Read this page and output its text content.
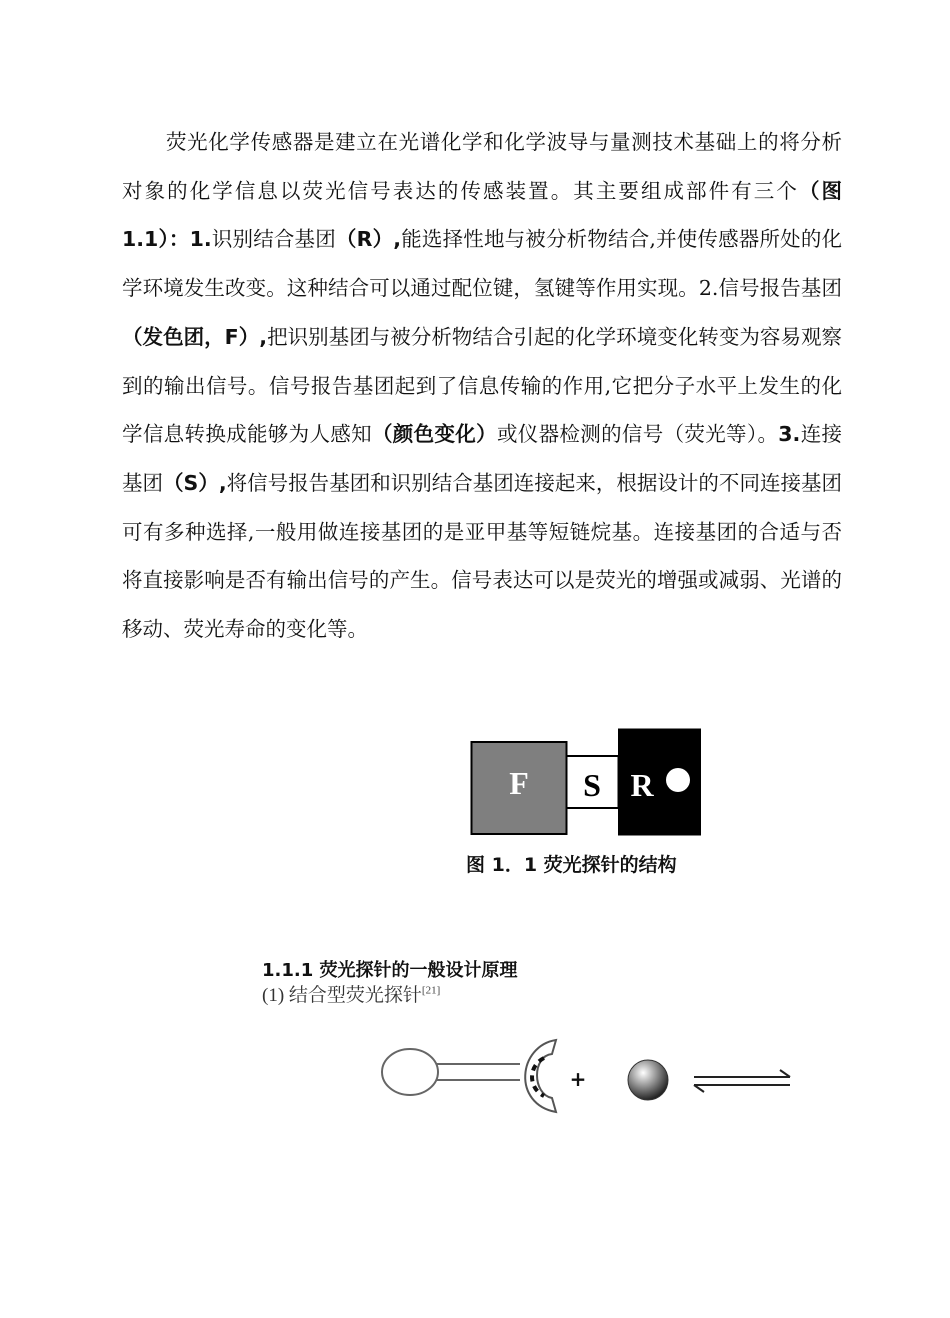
荧光化学传感器是建立在光谱化学和化学波导与量测技术基础上的将分析对象的化学信息以荧光信号表达的传感装置。其主要组成部件有三个（图 1.1）：1.识别结合基团（R）,能选择性地与被分析物结合,并使传感器所处的化学环境发生改变。这种结合可以通过配位键，氢键等作用实现。2.信号报告基团（发色团，F）,把识别基团与被分析物结合引起的化学环境变化转变为容易观察到的输出信号。信号报告基团起到了信息传输的作用,它把分子水平上发生的化学信息转换成能够为人感知（颜色变化）或仪器检测的信号（荧光等）。3.连接基团（S）,将信号报告基团和识别结合基团连接起来，根据设计的不同连接基团可有多种选择,一般用做连接基团的是亚甲基等短链烷基。连接基团的合适与否将直接影响是否有输出信号的产生。信号表达可以是荧光的增强或减弱、光谱的移动、荧光寿命的变化等。

F S R
图 1．1 荧光探针的结构
1.1.1 荧光探针的一般设计原理
(1) 结合型荧光探针[21]
+
